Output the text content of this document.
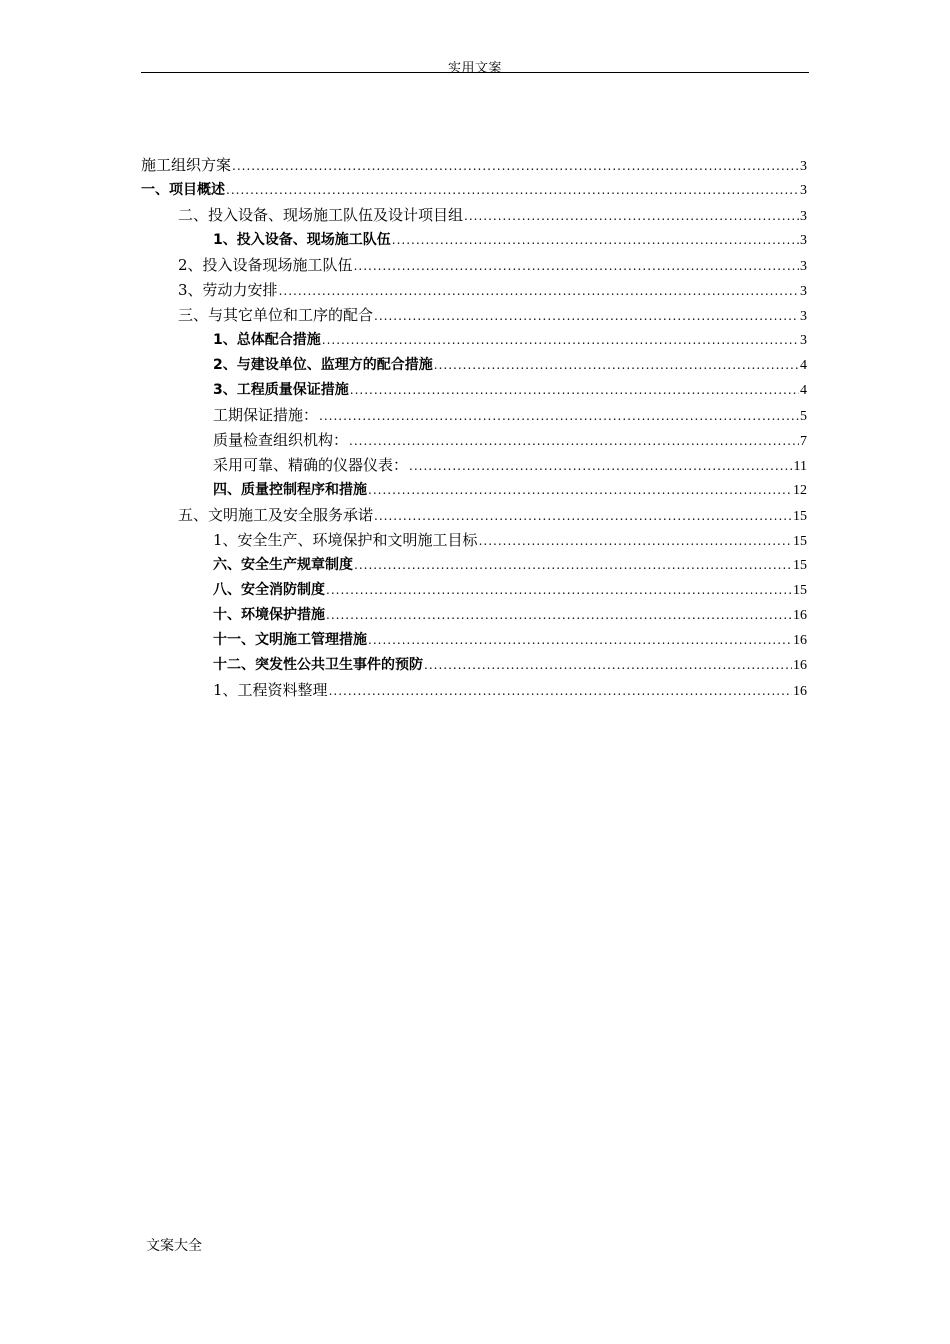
实用文案
施工组织方案 .....	3
一、项目概述 .....	3
二、 投入设备、现场施工队伍及设计项目组 .....	3
1、 投入设备、现场施工队伍 .....	3
2、 投入设备现场施工队伍 .....	3
3、 劳动力安排 .....	3
三、 与其它单位和工序的配合 .....	3
1、 总体配合措施 .....	3
2、 与建设单位、监理方的配合措施 .....	4
3、工程质量保证措施 .....	4
工期保证措施： .....	5
质量检查组织机构： .....	7
采用可靠、精确的仪器仪表： .....	11
四、 质量控制程序和措施 .....	12
五、 文明施工及安全服务承诺 .....	15
1、 安全生产、环境保护和文明施工目标 .....	15
六、安全生产规章制度 .....	15
八、安全消防制度 .....	15
十、环境保护措施 .....	16
十一、文明施工管理措施 .....	16
十二、突发性公共卫生事件的预防 .....	16
1、 工程资料整理 .....	16
文案大全
